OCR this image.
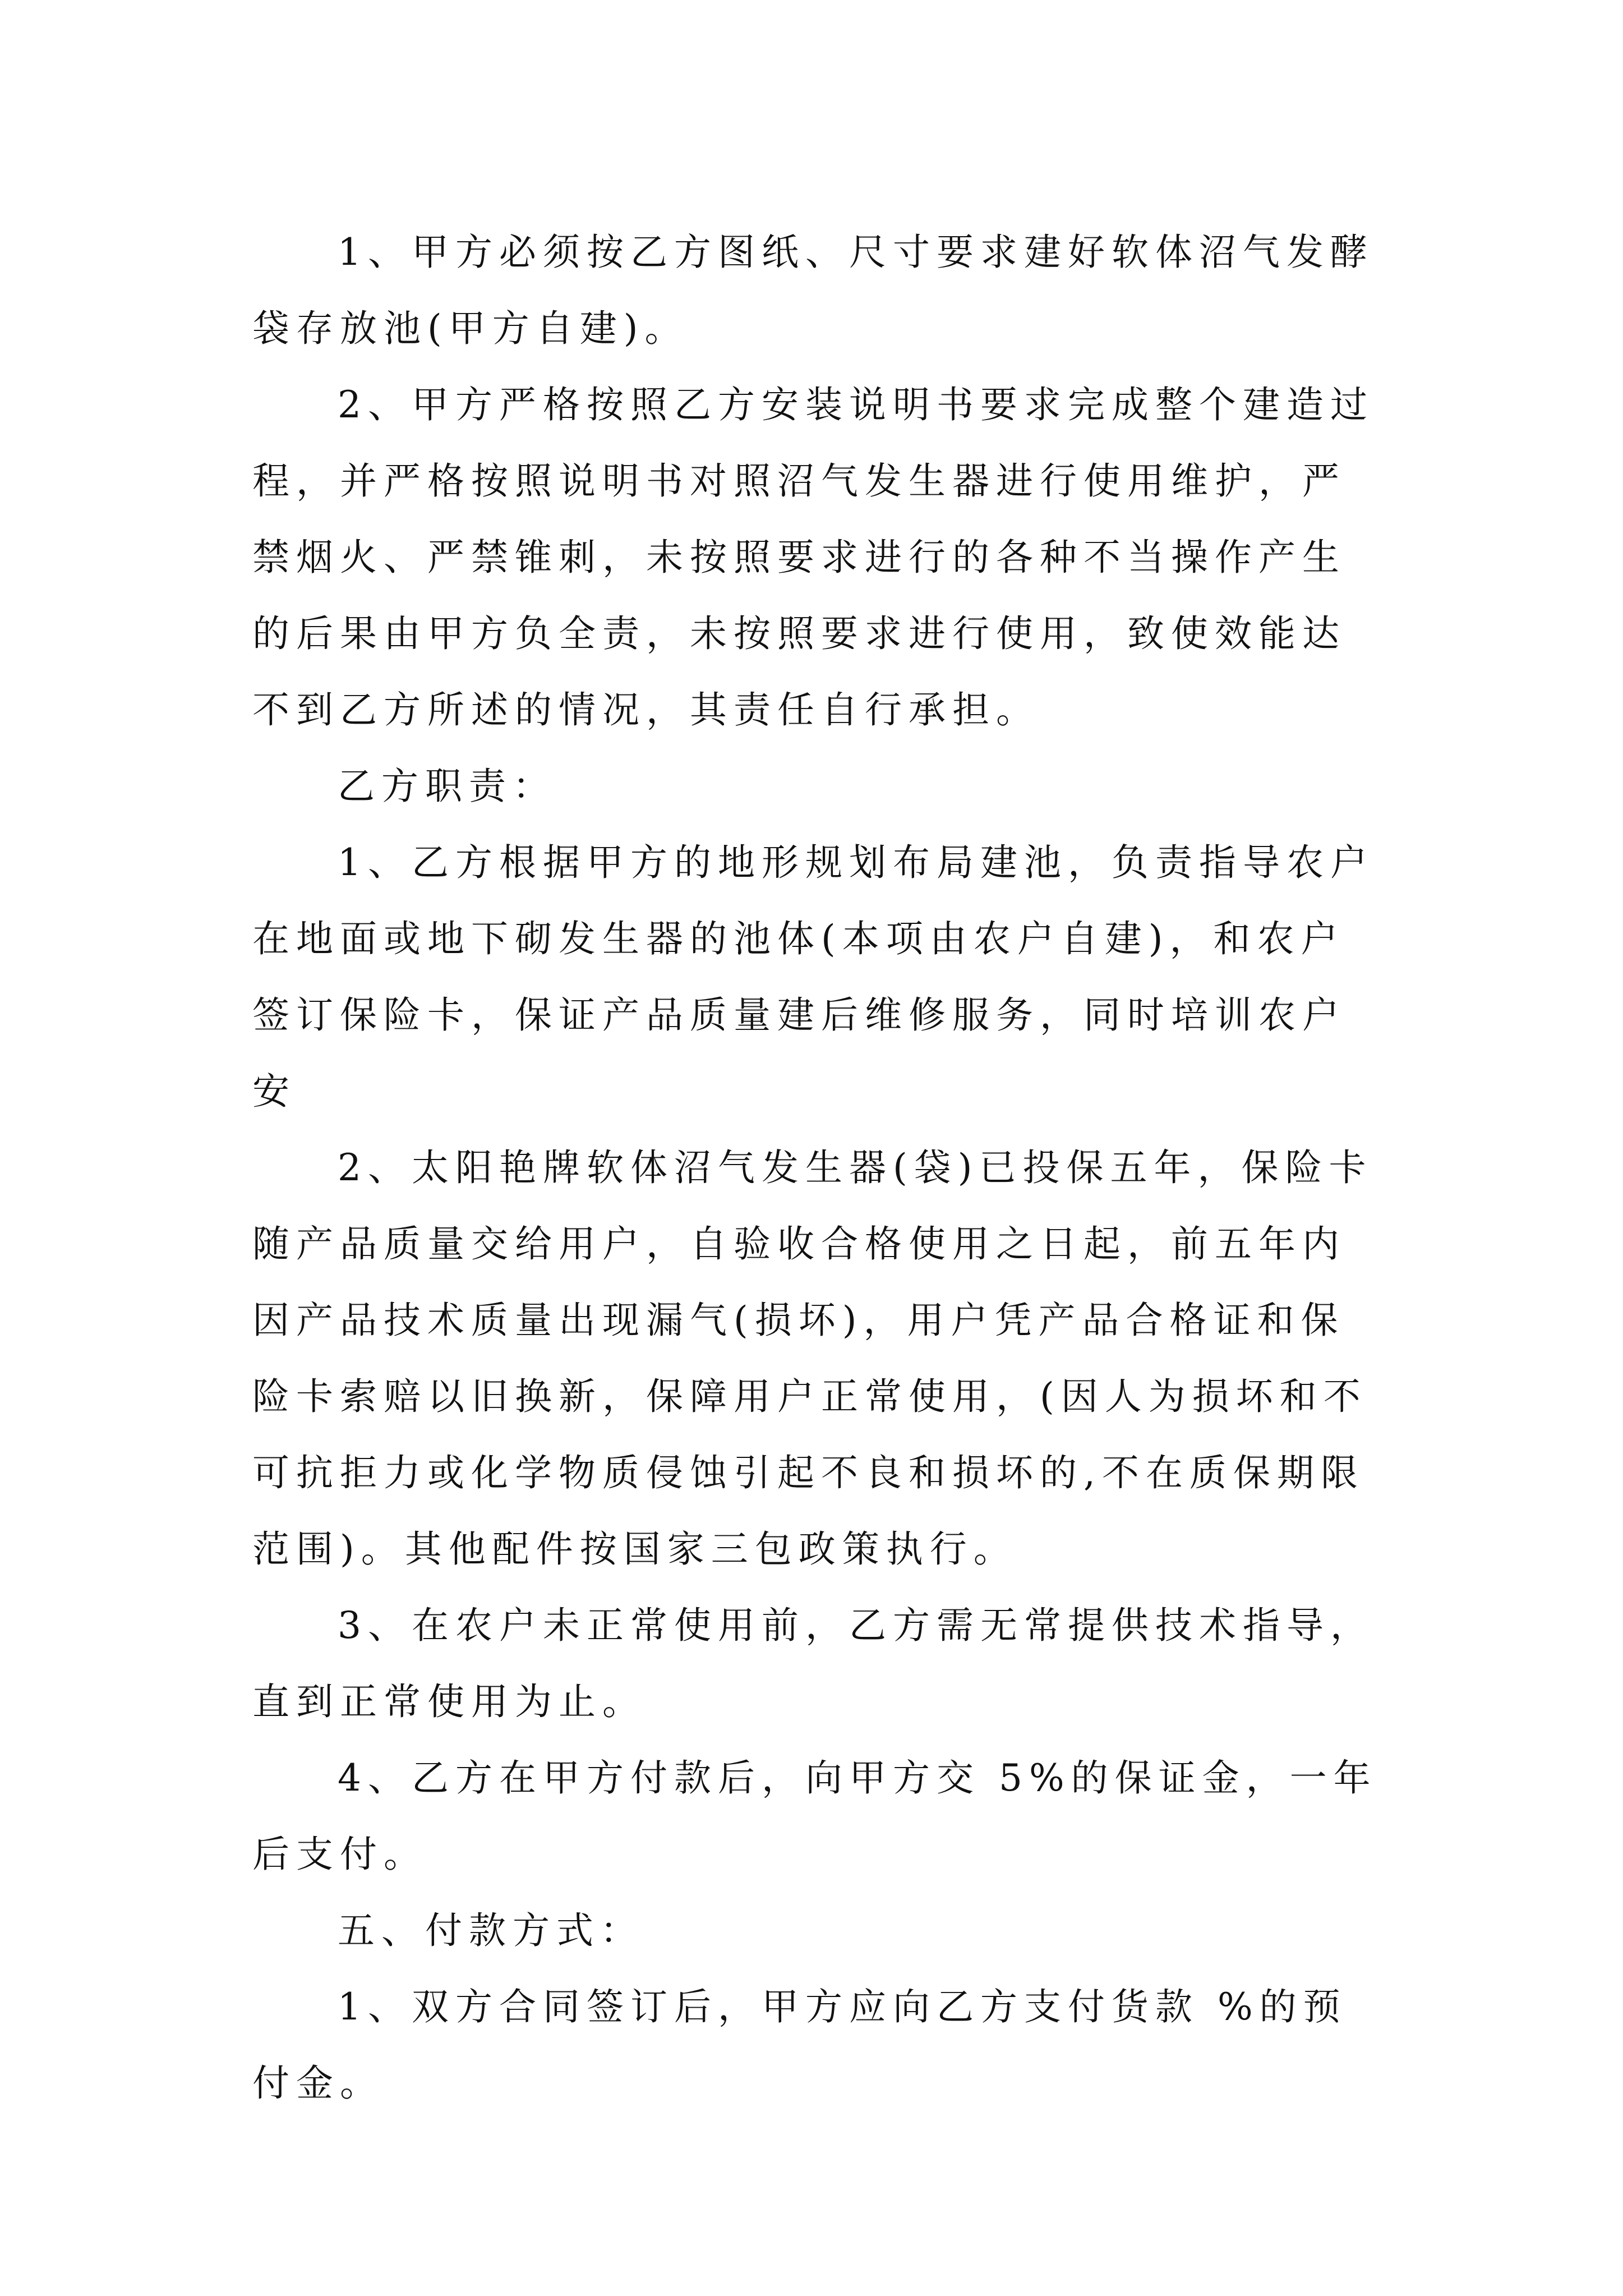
1、甲方必须按乙方图纸、尺寸要求建好软体沼气发酵袋存放池(甲方自建)。

2、甲方严格按照乙方安装说明书要求完成整个建造过程，并严格按照说明书对照沼气发生器进行使用维护，严禁烟火、严禁锥刺，未按照要求进行的各种不当操作产生的后果由甲方负全责，未按照要求进行使用，致使效能达不到乙方所述的情况，其责任自行承担。

乙方职责：

1、乙方根据甲方的地形规划布局建池，负责指导农户在地面或地下砌发生器的池体(本项由农户自建)，和农户签订保险卡，保证产品质量建后维修服务，同时培训农户安

2、太阳艳牌软体沼气发生器(袋)已投保五年，保险卡随产品质量交给用户，自验收合格使用之日起，前五年内因产品技术质量出现漏气(损坏)，用户凭产品合格证和保险卡索赔以旧换新，保障用户正常使用，(因人为损坏和不可抗拒力或化学物质侵蚀引起不良和损坏的,不在质保期限范围)。其他配件按国家三包政策执行。

3、在农户未正常使用前，乙方需无常提供技术指导，直到正常使用为止。

4、乙方在甲方付款后，向甲方交 5%的保证金，一年后支付。

五、付款方式：

1、双方合同签订后，甲方应向乙方支付货款 %的预付金。
